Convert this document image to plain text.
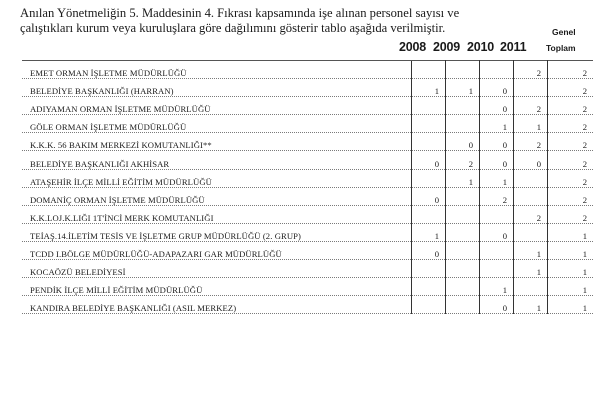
Anılan Yönetmeliğin 5. Maddesinin 4. Fıkrası kapsamında işe alınan personel sayısı ve
çalıştıkları kurum veya kuruluşlara göre dağılımını gösterir tablo aşağıda verilmiştir.
2008 2009 2010 2011
Genel
Toplam
EMET ORMAN İŞLETME MÜDÜRLÜĞÜ				2	2
BELEDİYE BAŞKANLIĞI (HARRAN)	1	1	0		2
ADIYAMAN ORMAN İŞLETME MÜDÜRLÜĞÜ			0	2	2
GÖLE ORMAN İŞLETME MÜDÜRLÜĞÜ			1	1	2
K.K.K. 56 BAKIM MERKEZİ KOMUTANLIĞI**		0	0	2	2
BELEDİYE BAŞKANLIĞI AKHİSAR	0	2	0	0	2
ATAŞEHİR İLÇE MİLLİ EĞİTİM MÜDÜRLÜĞÜ		1	1		2
DOMANİÇ ORMAN İŞLETME MÜDÜRLÜĞÜ	0		2		2
K.K.LOJ.K.LIĞI 1T'İNCİ MERK KOMUTANLIĞI				2	2
TEİAŞ.14.İLETİM TESİS VE İŞLETME GRUP MÜDÜRLÜĞÜ (2. GRUP)	1		0		1
TCDD I.BÖLGE MÜDÜRLÜĞÜ-ADAPAZARI GAR MÜDÜRLÜĞÜ	0			1	1
KOCAÖZÜ BELEDİYESİ				1	1
PENDİK İLÇE MİLLİ EĞİTİM MÜDÜRLÜĞÜ			1		1
KANDIRA BELEDİYE BAŞKANLIĞI (ASIL MERKEZ)			0	1	1
